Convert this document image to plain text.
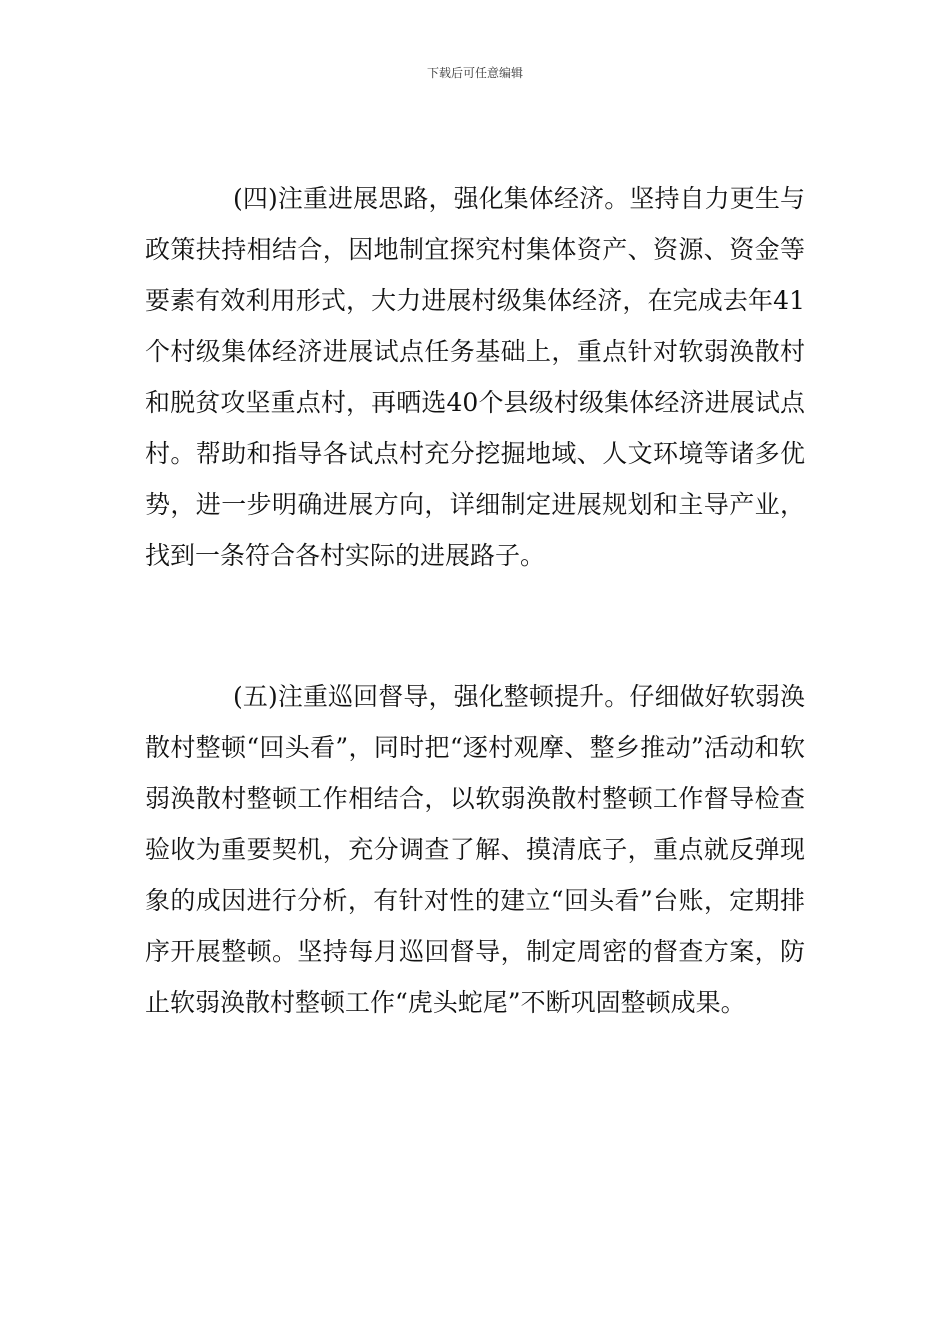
下载后可任意编辑

(四)注重进展思路，强化集体经济。坚持自力更生与政策扶持相结合，因地制宜探究村集体资产、资源、资金等要素有效利用形式，大力进展村级集体经济，在完成去年41个村级集体经济进展试点任务基础上，重点针对软弱涣散村和脱贫攻坚重点村，再晒选40个县级村级集体经济进展试点村。帮助和指导各试点村充分挖掘地域、人文环境等诸多优势，进一步明确进展方向，详细制定进展规划和主导产业，找到一条符合各村实际的进展路子。

(五)注重巡回督导，强化整顿提升。仔细做好软弱涣散村整顿“回头看”，同时把“逐村观摩、整乡推动”活动和软弱涣散村整顿工作相结合，以软弱涣散村整顿工作督导检查验收为重要契机，充分调查了解、摸清底子，重点就反弹现象的成因进行分析，有针对性的建立“回头看”台账，定期排序开展整顿。坚持每月巡回督导，制定周密的督查方案，防止软弱涣散村整顿工作“虎头蛇尾”不断巩固整顿成果。
